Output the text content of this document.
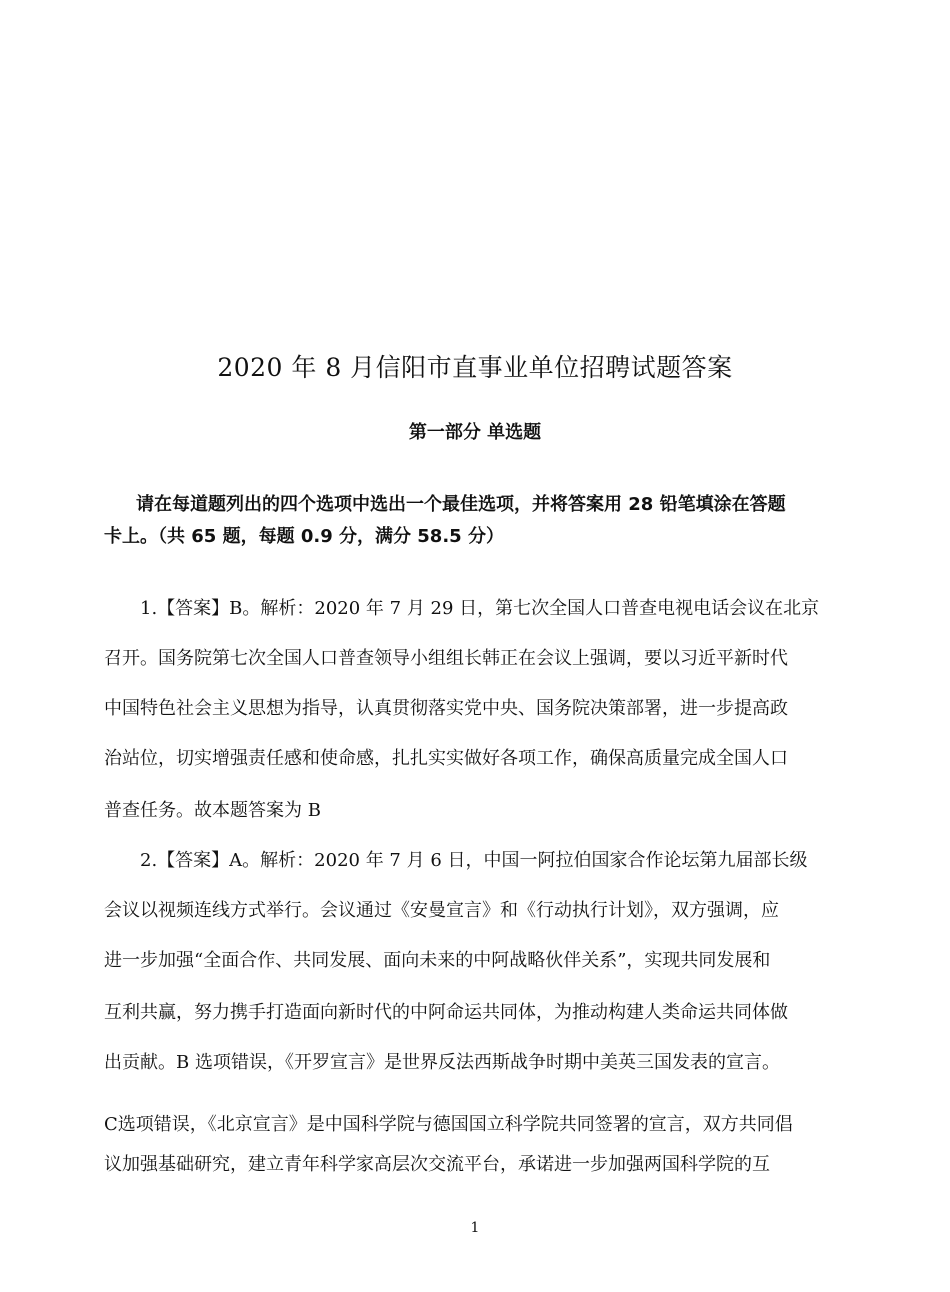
2020 年 8 月信阳市直事业单位招聘试题答案
第一部分 单选题
请在每道题列出的四个选项中选出一个最佳选项，并将答案用 28 铅笔填涂在答题
卡上。（共 65 题，每题 0.9 分，满分 58.5 分）
1.【答案】B。解析：2020 年 7 月 29 日，第七次全国人口普查电视电话会议在北京
召开。国务院第七次全国人口普查领导小组组长韩正在会议上强调，要以习近平新时代
中国特色社会主义思想为指导，认真贯彻落实党中央、国务院决策部署，进一步提高政
治站位，切实增强责任感和使命感，扎扎实实做好各项工作，确保高质量完成全国人口
普查任务。故本题答案为 B
2.【答案】A。解析：2020 年 7 月 6 日，中国一阿拉伯国家合作论坛第九届部长级
会议以视频连线方式举行。会议通过《安曼宣言》和《行动执行计划》，双方强调，应
进一步加强“全面合作、共同发展、面向未来的中阿战略伙伴关系”，实现共同发展和
互利共赢，努力携手打造面向新时代的中阿命运共同体，为推动构建人类命运共同体做
出贡献。B 选项错误，《开罗宣言》是世界反法西斯战争时期中美英三国发表的宣言。
C选项错误，《北京宣言》是中国科学院与德国国立科学院共同签署的宣言，双方共同倡
议加强基础研究，建立青年科学家高层次交流平台，承诺进一步加强两国科学院的互
1
